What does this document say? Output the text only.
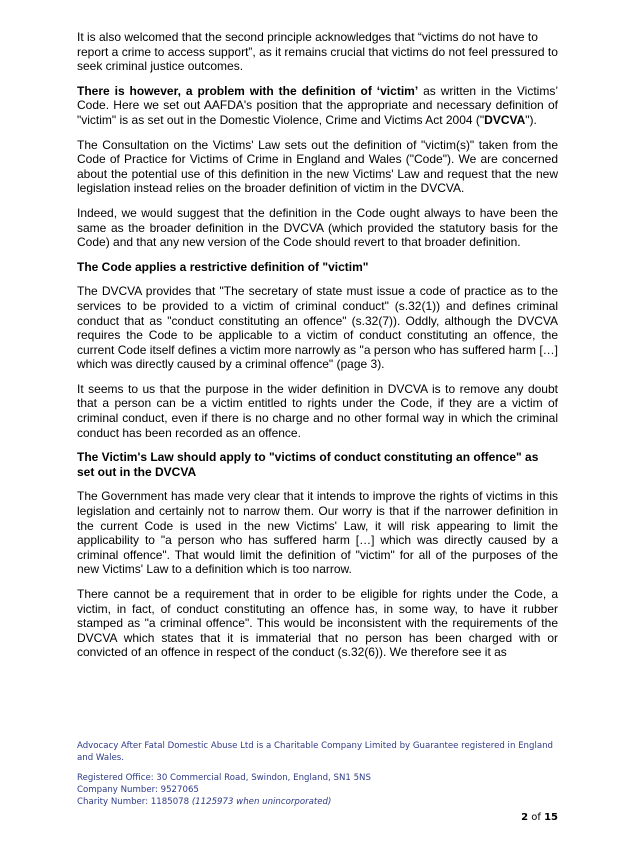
It is also welcomed that the second principle acknowledges that “victims do not have to report a crime to access support”, as it remains crucial that victims do not feel pressured to seek criminal justice outcomes.

There is however, a problem with the definition of ‘victim’ as written in the Victims’ Code. Here we set out AAFDA's position that the appropriate and necessary definition of "victim" is as set out in the Domestic Violence, Crime and Victims Act 2004 ("DVCVA").

The Consultation on the Victims' Law sets out the definition of "victim(s)" taken from the Code of Practice for Victims of Crime in England and Wales ("Code"). We are concerned about the potential use of this definition in the new Victims' Law and request that the new legislation instead relies on the broader definition of victim in the DVCVA.

Indeed, we would suggest that the definition in the Code ought always to have been the same as the broader definition in the DVCVA (which provided the statutory basis for the Code) and that any new version of the Code should revert to that broader definition.

The Code applies a restrictive definition of "victim"

The DVCVA provides that "The secretary of state must issue a code of practice as to the services to be provided to a victim of criminal conduct" (s.32(1)) and defines criminal conduct that as "conduct constituting an offence" (s.32(7)). Oddly, although the DVCVA requires the Code to be applicable to a victim of conduct constituting an offence, the current Code itself defines a victim more narrowly as "a person who has suffered harm […] which was directly caused by a criminal offence" (page 3).

It seems to us that the purpose in the wider definition in DVCVA is to remove any doubt that a person can be a victim entitled to rights under the Code, if they are a victim of criminal conduct, even if there is no charge and no other formal way in which the criminal conduct has been recorded as an offence.

The Victim's Law should apply to "victims of conduct constituting an offence" as set out in the DVCVA

The Government has made very clear that it intends to improve the rights of victims in this legislation and certainly not to narrow them. Our worry is that if the narrower definition in the current Code is used in the new Victims' Law, it will risk appearing to limit the applicability to "a person who has suffered harm […] which was directly caused by a criminal offence". That would limit the definition of "victim" for all of the purposes of the new Victims' Law to a definition which is too narrow.

There cannot be a requirement that in order to be eligible for rights under the Code, a victim, in fact, of conduct constituting an offence has, in some way, to have it rubber stamped as "a criminal offence". This would be inconsistent with the requirements of the DVCVA which states that it is immaterial that no person has been charged with or convicted of an offence in respect of the conduct (s.32(6)). We therefore see it as

Advocacy After Fatal Domestic Abuse Ltd is a Charitable Company Limited by Guarantee registered in England and Wales.

Registered Office: 30 Commercial Road, Swindon, England, SN1 5NS

Company Number: 9527065

Charity Number: 1185078 (1125973 when unincorporated)

2 of 15
